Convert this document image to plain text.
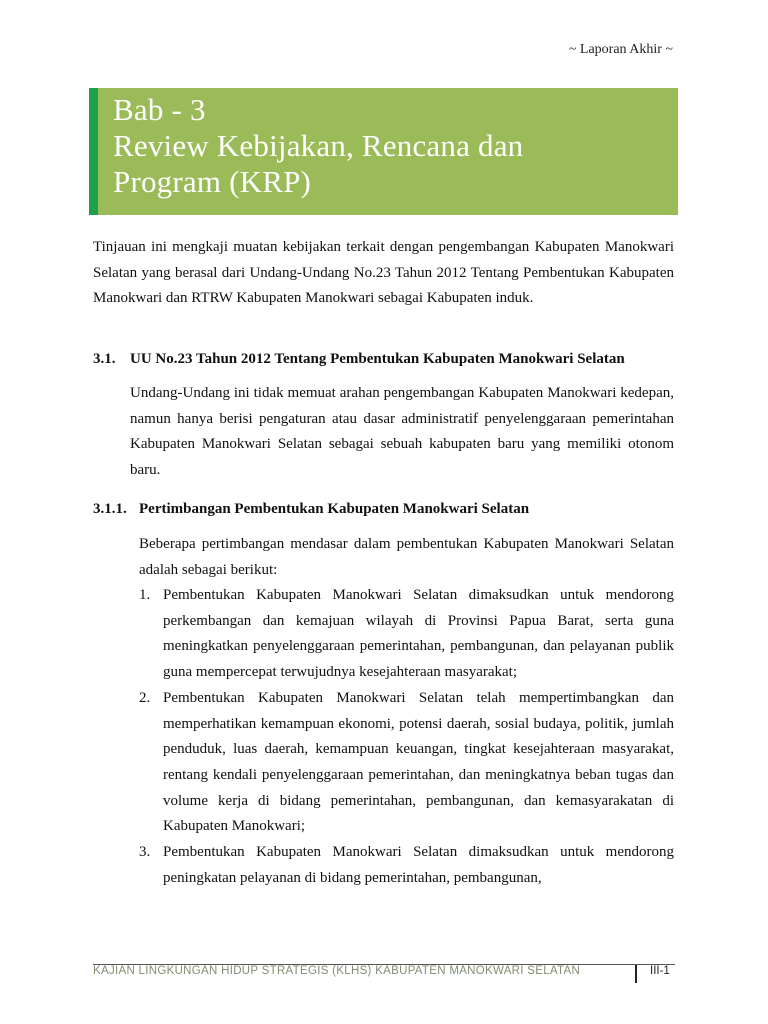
~ Laporan Akhir ~
Bab - 3
Review Kebijakan, Rencana dan
Program (KRP)

Tinjauan ini mengkaji muatan kebijakan terkait dengan pengembangan Kabupaten Manokwari Selatan yang berasal dari Undang-Undang No.23 Tahun 2012 Tentang Pembentukan Kabupaten Manokwari dan RTRW Kabupaten Manokwari sebagai Kabupaten induk.

3.1. UU No.23 Tahun 2012 Tentang Pembentukan Kabupaten Manokwari Selatan

Undang-Undang ini tidak memuat arahan pengembangan Kabupaten Manokwari kedepan, namun hanya berisi pengaturan atau dasar administratif penyelenggaraan pemerintahan Kabupaten Manokwari Selatan sebagai sebuah kabupaten baru yang memiliki otonom baru.

3.1.1. Pertimbangan Pembentukan Kabupaten Manokwari Selatan

Beberapa pertimbangan mendasar dalam pembentukan Kabupaten Manokwari Selatan adalah sebagai berikut:

1. Pembentukan Kabupaten Manokwari Selatan dimaksudkan untuk mendorong perkembangan dan kemajuan wilayah di Provinsi Papua Barat, serta guna meningkatkan penyelenggaraan pemerintahan, pembangunan, dan pelayanan publik guna mempercepat terwujudnya kesejahteraan masyarakat;
2. Pembentukan Kabupaten Manokwari Selatan telah mempertimbangkan dan memperhatikan kemampuan ekonomi, potensi daerah, sosial budaya, politik, jumlah penduduk, luas daerah, kemampuan keuangan, tingkat kesejahteraan masyarakat, rentang kendali penyelenggaraan pemerintahan, dan meningkatnya beban tugas dan volume kerja di bidang pemerintahan, pembangunan, dan kemasyarakatan di Kabupaten Manokwari;
3. Pembentukan Kabupaten Manokwari Selatan dimaksudkan untuk mendorong peningkatan pelayanan di bidang pemerintahan, pembangunan,
KAJIAN LINGKUNGAN HIDUP STRATEGIS (KLHS) KABUPATEN MANOKWARI SELATAN	III-1
